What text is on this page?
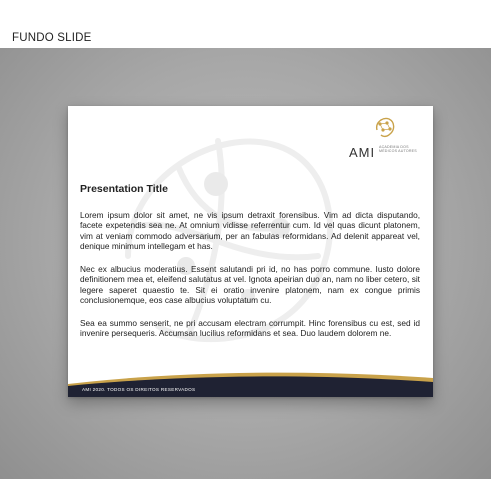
FUNDO SLIDE
AMI ACADEMIA DOS MÉDICOS AUTORES
Presentation Title

Lorem ipsum dolor sit amet, ne vis ipsum detraxit forensibus. Vim ad dicta disputando, facete expetendis sea ne. At omnium vidisse referrentur cum. Id vel quas dicunt platonem, vim at veniam commodo adversarium, per an fabulas reformidans. Ad delenit appareat vel, denique minimum intellegam et has.

Nec ex albucius moderatius. Essent salutandi pri id, no has porro commune. Iusto dolore definitionem mea et, eleifend salutatus at vel. Ignota apeirian duo an, nam no liber cetero, sit legere saperet quaestio te. Sit ei oratio invenire platonem, nam ex congue primis conclusionemque, eos case albucius voluptatum cu.

Sea ea summo senserit, ne pri accusam electram corrumpit. Hinc forensibus cu est, sed id invenire persequeris. Accumsan lucilius reformidans et sea. Duo laudem dolorem ne.

AMI 2020. TODOS OS DIREITOS RESERVADOS
